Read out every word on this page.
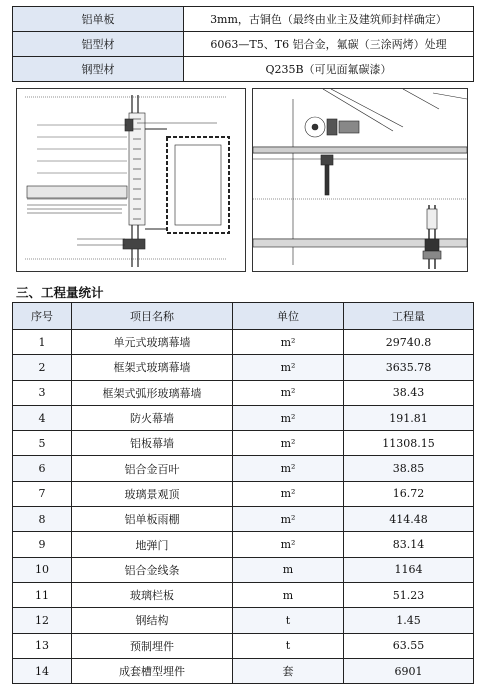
铝单板	3mm，古铜色（最终由业主及建筑师封样确定）
铝型材	6063—T5、T6 铝合金，氟碳（三涂两烤）处理
钢型材	Q235B（可见面氟碳漆）
三、工程量统计
序号	项目名称	单位	工程量
1	单元式玻璃幕墙	m²	29740.8
2	框架式玻璃幕墙	m²	3635.78
3	框架式弧形玻璃幕墙	m²	38.43
4	防火幕墙	m²	191.81
5	铝板幕墙	m²	11308.15
6	铝合金百叶	m²	38.85
7	玻璃景观顶	m²	16.72
8	铝单板雨棚	m²	414.48
9	地弹门	m²	83.14
10	铝合金线条	m	1164
11	玻璃栏板	m	51.23
12	钢结构	t	1.45
13	预制埋件	t	63.55
14	成套槽型埋件	套	6901
